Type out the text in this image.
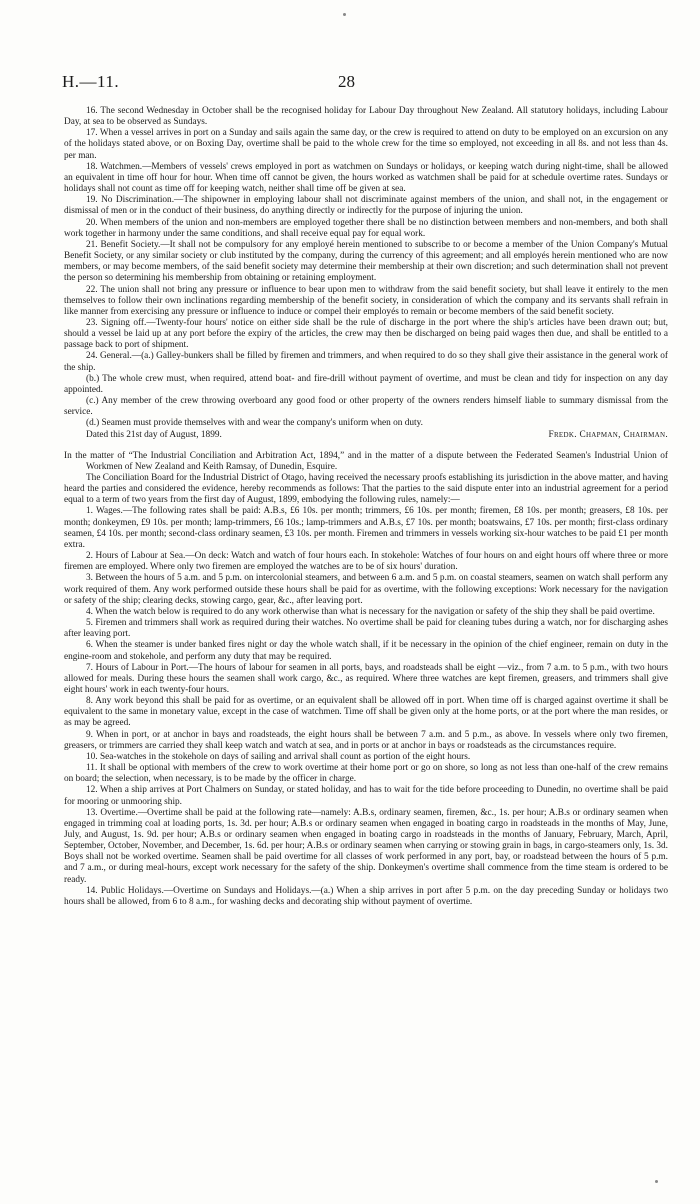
H.—11.	28

16. The second Wednesday in October shall be the recognised holiday for Labour Day throughout New Zealand. All statutory holidays, including Labour Day, at sea to be observed as Sundays.

17. When a vessel arrives in port on a Sunday and sails again the same day, or the crew is required to attend on duty to be employed on an excursion on any of the holidays stated above, or on Boxing Day, overtime shall be paid to the whole crew for the time so employed, not exceeding in all 8s. and not less than 4s. per man.

18. Watchmen.—Members of vessels' crews employed in port as watchmen on Sundays or holidays, or keeping watch during night-time, shall be allowed an equivalent in time off hour for hour. When time off cannot be given, the hours worked as watchmen shall be paid for at schedule overtime rates. Sundays or holidays shall not count as time off for keeping watch, neither shall time off be given at sea.

19. No Discrimination.—The shipowner in employing labour shall not discriminate against members of the union, and shall not, in the engagement or dismissal of men or in the conduct of their business, do anything directly or indirectly for the purpose of injuring the union.

20. When members of the union and non-members are employed together there shall be no distinction between members and non-members, and both shall work together in harmony under the same conditions, and shall receive equal pay for equal work.

21. Benefit Society.—It shall not be compulsory for any employé herein mentioned to subscribe to or become a member of the Union Company's Mutual Benefit Society, or any similar society or club instituted by the company, during the currency of this agreement; and all employés herein mentioned who are now members, or may become members, of the said benefit society may determine their membership at their own discretion; and such determination shall not prevent the person so determining his membership from obtaining or retaining employment.

22. The union shall not bring any pressure or influence to bear upon men to withdraw from the said benefit society, but shall leave it entirely to the men themselves to follow their own inclinations regarding membership of the benefit society, in consideration of which the company and its servants shall refrain in like manner from exercising any pressure or influence to induce or compel their employés to remain or become members of the said benefit society.

23. Signing off.—Twenty-four hours' notice on either side shall be the rule of discharge in the port where the ship's articles have been drawn out; but, should a vessel be laid up at any port before the expiry of the articles, the crew may then be discharged on being paid wages then due, and shall be entitled to a passage back to port of shipment.

24. General.—(a.) Galley-bunkers shall be filled by firemen and trimmers, and when required to do so they shall give their assistance in the general work of the ship.

(b.) The whole crew must, when required, attend boat- and fire-drill without payment of overtime, and must be clean and tidy for inspection on any day appointed.

(c.) Any member of the crew throwing overboard any good food or other property of the owners renders himself liable to summary dismissal from the service.

(d.) Seamen must provide themselves with and wear the company's uniform when on duty.

Dated this 21st day of August, 1899.	Fredk. Chapman, Chairman.

In the matter of “The Industrial Conciliation and Arbitration Act, 1894,” and in the matter of a dispute between the Federated Seamen's Industrial Union of Workmen of New Zealand and Keith Ramsay, of Dunedin, Esquire.

The Conciliation Board for the Industrial District of Otago, having received the necessary proofs establishing its jurisdiction in the above matter, and having heard the parties and considered the evidence, hereby recommends as follows: That the parties to the said dispute enter into an industrial agreement for a period equal to a term of two years from the first day of August, 1899, embodying the following rules, namely:—

1. Wages.—The following rates shall be paid: A.B.s, £6 10s. per month; trimmers, £6 10s. per month; firemen, £8 10s. per month; greasers, £8 10s. per month; donkeymen, £9 10s. per month; lamp-trimmers, £6 10s.; lamp-trimmers and A.B.s, £7 10s. per month; boatswains, £7 10s. per month; first-class ordinary seamen, £4 10s. per month; second-class ordinary seamen, £3 10s. per month. Firemen and trimmers in vessels working six-hour watches to be paid £1 per month extra.

2. Hours of Labour at Sea.—On deck: Watch and watch of four hours each. In stokehole: Watches of four hours on and eight hours off where three or more firemen are employed. Where only two firemen are employed the watches are to be of six hours' duration.

3. Between the hours of 5 a.m. and 5 p.m. on intercolonial steamers, and between 6 a.m. and 5 p.m. on coastal steamers, seamen on watch shall perform any work required of them. Any work performed outside these hours shall be paid for as overtime, with the following exceptions: Work necessary for the navigation or safety of the ship; clearing decks, stowing cargo, gear, &c., after leaving port.

4. When the watch below is required to do any work otherwise than what is necessary for the navigation or safety of the ship they shall be paid overtime.

5. Firemen and trimmers shall work as required during their watches. No overtime shall be paid for cleaning tubes during a watch, nor for discharging ashes after leaving port.

6. When the steamer is under banked fires night or day the whole watch shall, if it be necessary in the opinion of the chief engineer, remain on duty in the engine-room and stokehole, and perform any duty that may be required.

7. Hours of Labour in Port.—The hours of labour for seamen in all ports, bays, and roadsteads shall be eight —viz., from 7 a.m. to 5 p.m., with two hours allowed for meals. During these hours the seamen shall work cargo, &c., as required. Where three watches are kept firemen, greasers, and trimmers shall give eight hours' work in each twenty-four hours.

8. Any work beyond this shall be paid for as overtime, or an equivalent shall be allowed off in port. When time off is charged against overtime it shall be equivalent to the same in monetary value, except in the case of watchmen. Time off shall be given only at the home ports, or at the port where the man resides, or as may be agreed.

9. When in port, or at anchor in bays and roadsteads, the eight hours shall be between 7 a.m. and 5 p.m., as above. In vessels where only two firemen, greasers, or trimmers are carried they shall keep watch and watch at sea, and in ports or at anchor in bays or roadsteads as the circumstances require.

10. Sea-watches in the stokehole on days of sailing and arrival shall count as portion of the eight hours.

11. It shall be optional with members of the crew to work overtime at their home port or go on shore, so long as not less than one-half of the crew remains on board; the selection, when necessary, is to be made by the officer in charge.

12. When a ship arrives at Port Chalmers on Sunday, or stated holiday, and has to wait for the tide before proceeding to Dunedin, no overtime shall be paid for mooring or unmooring ship.

13. Overtime.—Overtime shall be paid at the following rate—namely: A.B.s, ordinary seamen, firemen, &c., 1s. per hour; A.B.s or ordinary seamen when engaged in trimming coal at loading ports, 1s. 3d. per hour; A.B.s or ordinary seamen when engaged in boating cargo in roadsteads in the months of May, June, July, and August, 1s. 9d. per hour; A.B.s or ordinary seamen when engaged in boating cargo in roadsteads in the months of January, February, March, April, September, October, November, and December, 1s. 6d. per hour; A.B.s or ordinary seamen when carrying or stowing grain in bags, in cargo-steamers only, 1s. 3d. Boys shall not be worked overtime. Seamen shall be paid overtime for all classes of work performed in any port, bay, or roadstead between the hours of 5 p.m. and 7 a.m., or during meal-hours, except work necessary for the safety of the ship. Donkeymen's overtime shall commence from the time steam is ordered to be ready.

14. Public Holidays.—Overtime on Sundays and Holidays.—(a.) When a ship arrives in port after 5 p.m. on the day preceding Sunday or holidays two hours shall be allowed, from 6 to 8 a.m., for washing decks and decorating ship without payment of overtime.
